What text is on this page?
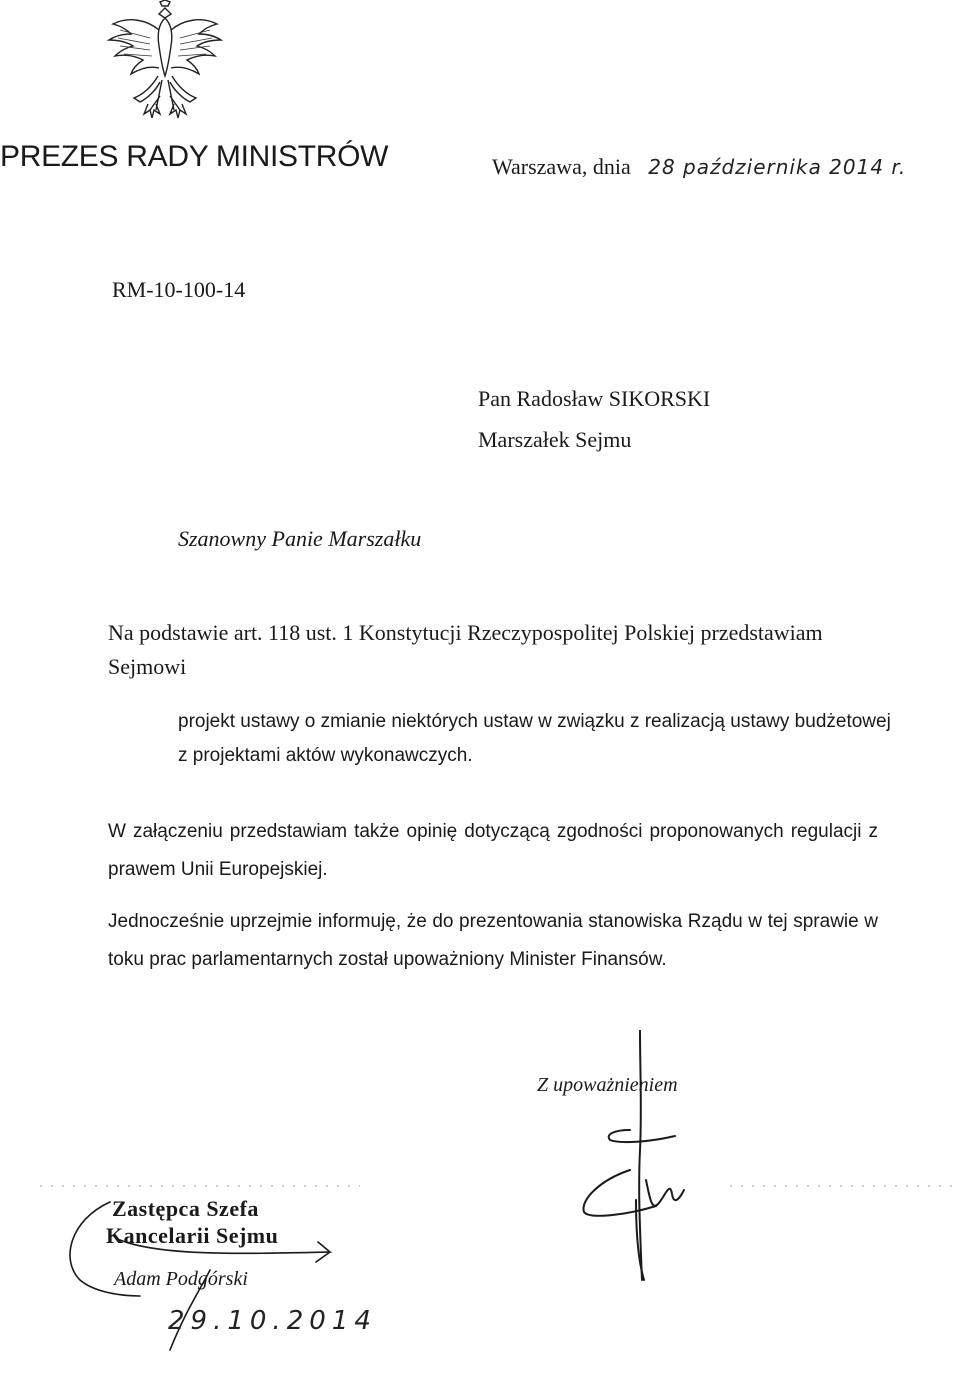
PREZES RADY MINISTRÓW	Warszawa, dnia 28 października 2014 r.
RM-10-100-14
Pan Radosław SIKORSKI
Marszałek Sejmu
Szanowny Panie Marszałku
Na podstawie art. 118 ust. 1 Konstytucji Rzeczypospolitej Polskiej przedstawiam
Sejmowi
projekt ustawy o zmianie niektórych ustaw w związku z realizacją ustawy budżetowej z projektami aktów wykonawczych.
W załączeniu przedstawiam także opinię dotyczącą zgodności proponowanych regulacji z prawem Unii Europejskiej.
Jednocześnie uprzejmie informuję, że do prezentowania stanowiska Rządu w tej sprawie w toku prac parlamentarnych został upoważniony Minister Finansów.
Z upoważnieniem
Zastępca Szefa
Kancelarii Sejmu
Adam Podgórski
29.10.2014
